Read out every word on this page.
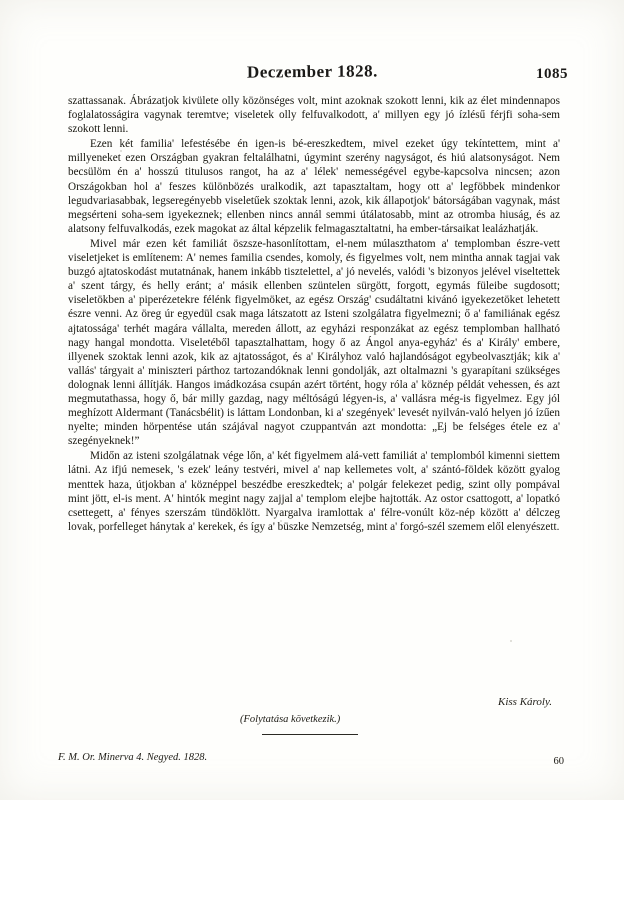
Deczember 1828.	1085

szattassanak. Ábrázatjok kivülete olly közönséges volt, mint azoknak szokott lenni, kik az élet mindennapos foglalatosságira vagynak teremtve; viseletek olly felfuvalkodott, a' millyen egy jó ízlésű férjfi soha-sem szokott lenni.

Ezen két familia' lefestésébe én igen-is bé-ereszkedtem, mivel ezeket úgy tekíntettem, mint a' millyeneket ezen Országban gyakran feltalálhatni, úgymint szerény nagyságot, és hiú alatsonyságot. Nem becsülöm én a' hosszú titulusos rangot, ha az a' lélek' nemességével egybe-kapcsolva nincsen; azon Országokban hol a' feszes különbözés uralkodik, azt tapasztaltam, hogy ott a' legföbbek mindenkor legudvariasabbak, legseregényebb viseletűek szoktak lenni, azok, kik állapotjok' bátorságában vagynak, mást megsérteni soha-sem igyekeznek; ellenben nincs annál semmi útálatosabb, mint az otromba hiuság, és az alatsony felfuvalkodás, ezek magokat az által képzelik felmagasztaltatni, ha ember-társaikat lealázhatják.

Mivel már ezen két familiát öszsze-hasonlítottam, el-nem múlaszthatom a' templomban észre-vett viseletjeket is említenem: A' nemes familia csendes, komoly, és figyelmes volt, nem mintha annak tagjai vak buzgó ajtatoskodást mutatnának, hanem inkább tisztelettel, a' jó nevelés, valódi 's bizonyos jelével viseltettek a' szent tárgy, és helly eránt; a' másik ellenben szüntelen sürgött, forgott, egymás füleibe sugdosott; viseletökben a' piperézetekre félénk figyelmöket, az egész Ország' csudáltatni kivánó igyekezetöket lehetett észre venni. Az öreg úr egyedül csak maga látszatott az Isteni szolgálatra figyelmezni; ő a' familiának egész ajtatossága' terhét magára vállalta, mereden állott, az egyházi responzákat az egész templomban hallható nagy hangal mondotta. Viseletéből tapasztalhattam, hogy ő az Ángol anya-egyház' és a' Király' embere, illyenek szoktak lenni azok, kik az ajtatosságot, és a' Királyhoz való hajlandóságot egybeolvasztják; kik a' vallás' tárgyait a' miniszteri párthoz tartozandóknak lenni gondolják, azt oltalmazni 's gyarapítani szükséges dolognak lenni állítják. Hangos imádkozása csupán azért történt, hogy róla a' köznép példát vehessen, és azt megmutathassa, hogy ő, bár milly gazdag, nagy méltóságú légyen-is, a' vallásra még-is figyelmez. Egy jól meghízott Aldermant (Tanácsbélit) is láttam Londonban, ki a' szegények' levesét nyilván-való helyen jó ízűen nyelte; minden hörpentése után szájával nagyot czuppantván azt mondotta: „Ej be felséges étele ez a' szegényeknek!”

Midőn az isteni szolgálatnak vége lőn, a' két figyelmem alá-vett familiát a' templomból kimenni siettem látni. Az ifjú nemesek, 's ezek' leány testvéri, mivel a' nap kellemetes volt, a' szántó-földek között gyalog menttek haza, útjokban a' köznéppel beszédbe ereszkedtek; a' polgár felekezet pedig, szint olly pompával mint jött, el-is ment. A' hintók megint nagy zajjal a' templom elejbe hajtották. Az ostor csattogott, a' lopatkó csettegett, a' fényes szerszám tündöklött. Nyargalva iramlottak a' félre-vonúlt köz-nép között a' délczeg lovak, porfelleget hánytak a' kerekek, és így a' büszke Nemzetség, mint a' forgó-szél szemem elől elenyészett.

Kiss Károly.
(Folytatása következik.)
F. M. Or. Minerva 4. Negyed. 1828.	60
